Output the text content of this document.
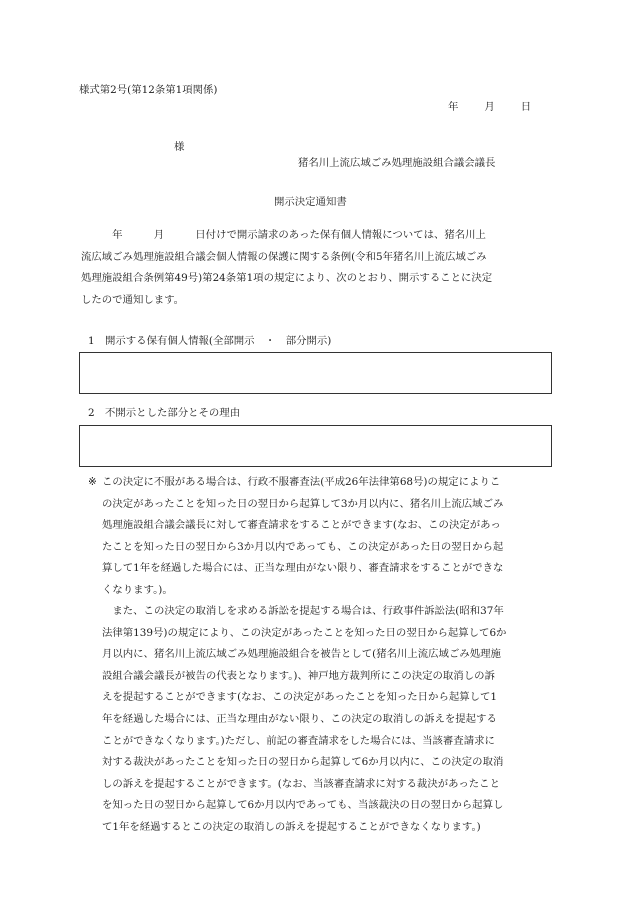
様式第2号(第12条第1項関係)
年	月	日
様
猪名川上流広域ごみ処理施設組合議会議長
開示決定通知書
　　　年　　　月　　　日付けで開示請求のあった保有個人情報については、猪名川上
流広域ごみ処理施設組合議会個人情報の保護に関する条例(令和5年猪名川上流広域ごみ
処理施設組合条例第49号)第24条第1項の規定により、次のとおり、開示することに決定
したので通知します。
1　開示する保有個人情報(全部開示　・　部分開示)
2　不開示とした部分とその理由
※ この決定に不服がある場合は、行政不服審査法(平成26年法律第68号)の規定によりこ
の決定があったことを知った日の翌日から起算して3か月以内に、猪名川上流広域ごみ
処理施設組合議会議長に対して審査請求をすることができます(なお、この決定があっ
たことを知った日の翌日から3か月以内であっても、この決定があった日の翌日から起
算して1年を経過した場合には、正当な理由がない限り、審査請求をすることができな
くなります。)。
　また、この決定の取消しを求める訴訟を提起する場合は、行政事件訴訟法(昭和37年
法律第139号)の規定により、この決定があったことを知った日の翌日から起算して6か
月以内に、猪名川上流広域ごみ処理施設組合を被告として(猪名川上流広域ごみ処理施
設組合議会議長が被告の代表となります。)、神戸地方裁判所にこの決定の取消しの訴
えを提起することができます(なお、この決定があったことを知った日から起算して1
年を経過した場合には、正当な理由がない限り、この決定の取消しの訴えを提起する
ことができなくなります。)ただし、前記の審査請求をした場合には、当該審査請求に
対する裁決があったことを知った日の翌日から起算して6か月以内に、この決定の取消
しの訴えを提起することができます。(なお、当該審査請求に対する裁決があったこと
を知った日の翌日から起算して6か月以内であっても、当該裁決の日の翌日から起算し
て1年を経過するとこの決定の取消しの訴えを提起することができなくなります。)
